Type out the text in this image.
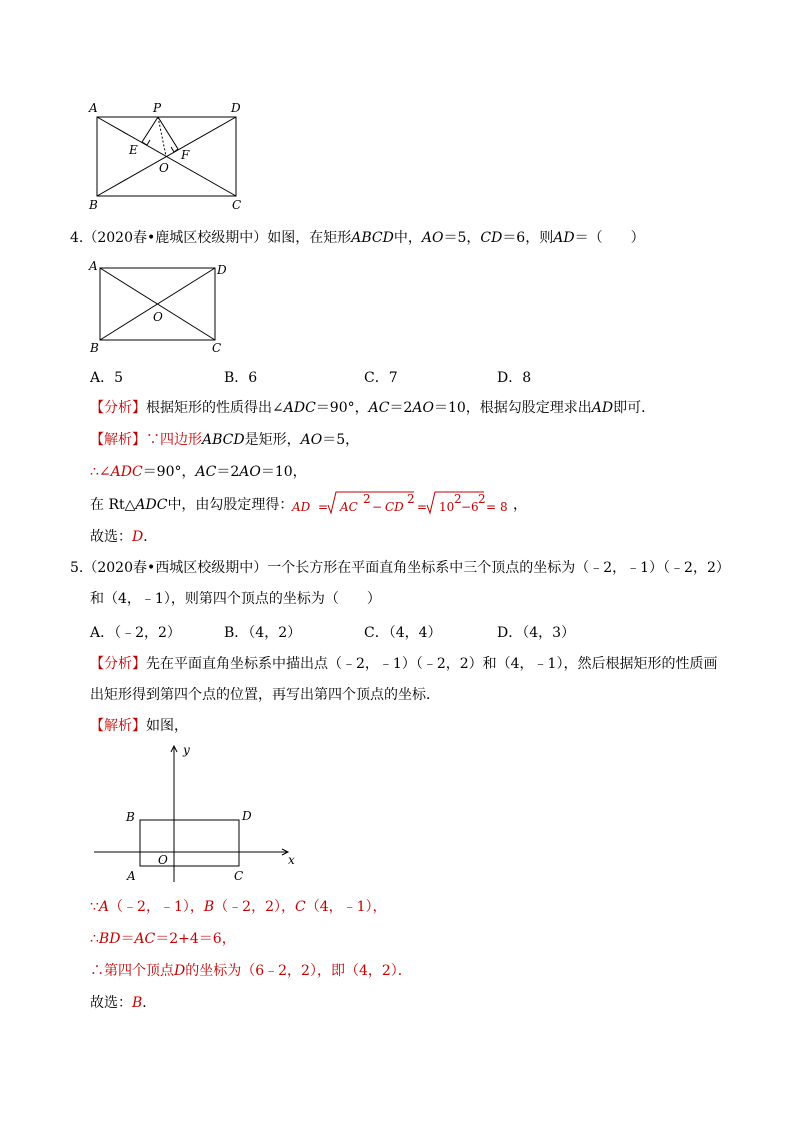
A	P	D
E	F
O
B	C
4.（2020春•鹿城区校级期中）如图，在矩形ABCD中，AO＝5，CD＝6，则AD＝（　　）
A	D
O
B	C
A．5	B．6	C．7	D．8
【分析】根据矩形的性质得出∠ADC＝90°，AC＝2AO＝10，根据勾股定理求出AD即可．
【解析】∵四边形ABCD是矩形，AO＝5，
∴∠ADC＝90°，AC＝2AO＝10，
在 Rt△ADC中，由勾股定理得：
AD = AC
2
− CD
2
= 10
2
− 6
2
= 8 ，
故选：D．
5.（2020春•西城区校级期中）一个长方形在平面直角坐标系中三个顶点的坐标为（﹣2，﹣1）（﹣2，2）
和（4，﹣1），则第四个顶点的坐标为（　　）
A．（﹣2，2）	B．（4，2）	C．（4，4）	D．（4，3）
【分析】先在平面直角坐标系中描出点（﹣2，﹣1）（﹣2，2）和（4，﹣1），然后根据矩形的性质画
出矩形得到第四个点的位置，再写出第四个顶点的坐标．
【解析】如图，
y
x
B	D
O
A	C
∵A（﹣2，﹣1），B（﹣2，2），C（4，﹣1），
∴BD＝AC＝2+4＝6，
∴第四个顶点D的坐标为（6﹣2，2），即（4，2）．
故选：B．
